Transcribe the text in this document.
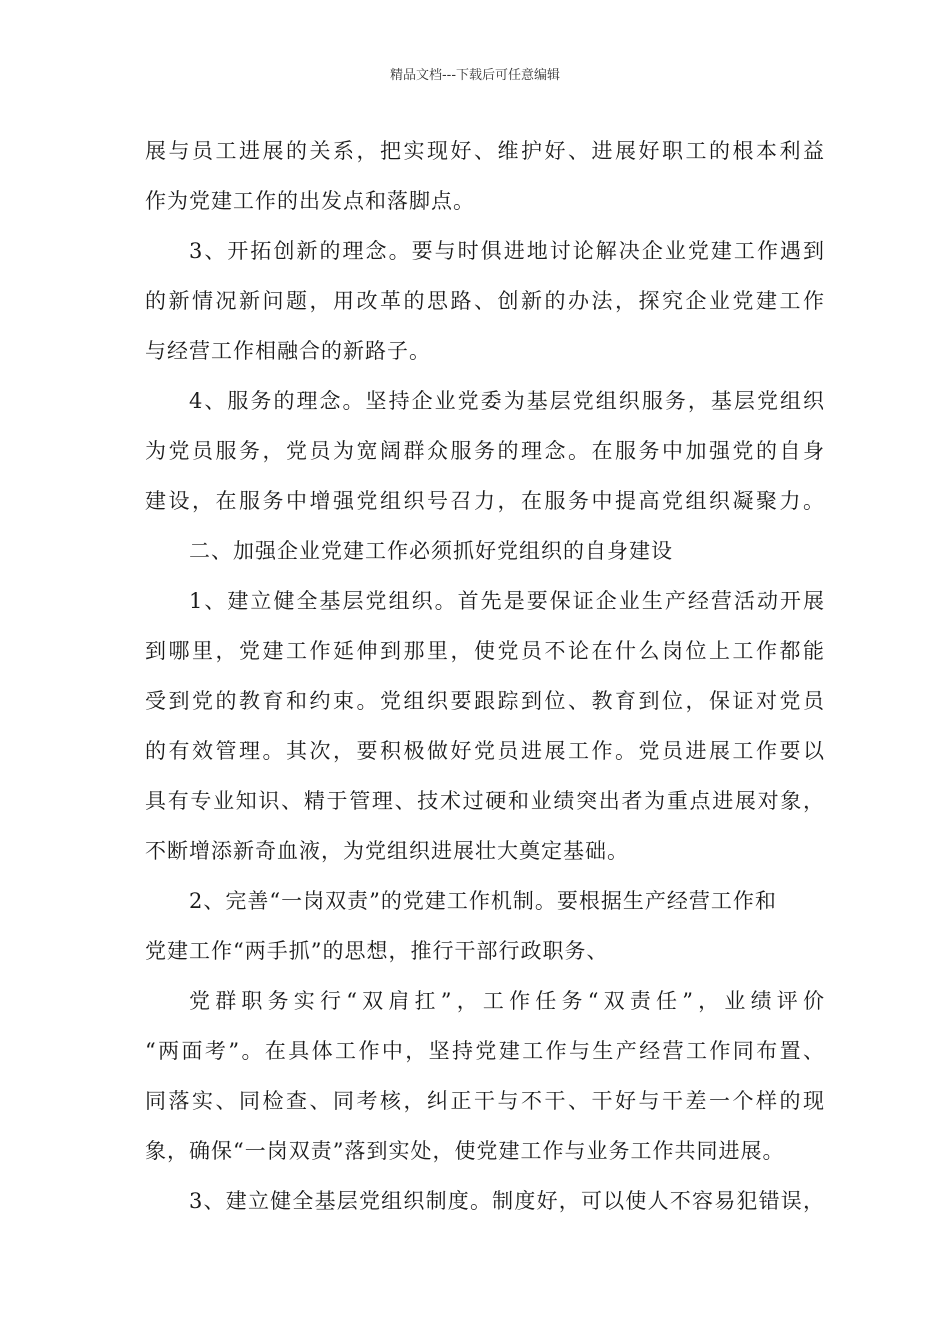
精品文档---下载后可任意编辑
展与员工进展的关系，把实现好、维护好、进展好职工的根本利益
作为党建工作的出发点和落脚点。
3、开拓创新的理念。要与时俱进地讨论解决企业党建工作遇到
的新情况新问题，用改革的思路、创新的办法，探究企业党建工作
与经营工作相融合的新路子。
4、服务的理念。坚持企业党委为基层党组织服务，基层党组织
为党员服务，党员为宽阔群众服务的理念。在服务中加强党的自身
建设，在服务中增强党组织号召力，在服务中提高党组织凝聚力。
二、加强企业党建工作必须抓好党组织的自身建设
1、建立健全基层党组织。首先是要保证企业生产经营活动开展
到哪里，党建工作延伸到那里，使党员不论在什么岗位上工作都能
受到党的教育和约束。党组织要跟踪到位、教育到位，保证对党员
的有效管理。其次，要积极做好党员进展工作。党员进展工作要以
具有专业知识、精于管理、技术过硬和业绩突出者为重点进展对象，
不断增添新奇血液，为党组织进展壮大奠定基础。
2、完善“一岗双责”的党建工作机制。要根据生产经营工作和
党建工作“两手抓”的思想，推行干部行政职务、
党群职务实行“双肩扛”，工作任务“双责任”，业绩评价
“两面考”。在具体工作中，坚持党建工作与生产经营工作同布置、
同落实、同检查、同考核，纠正干与不干、干好与干差一个样的现
象，确保“一岗双责”落到实处，使党建工作与业务工作共同进展。
3、建立健全基层党组织制度。制度好，可以使人不容易犯错误，
